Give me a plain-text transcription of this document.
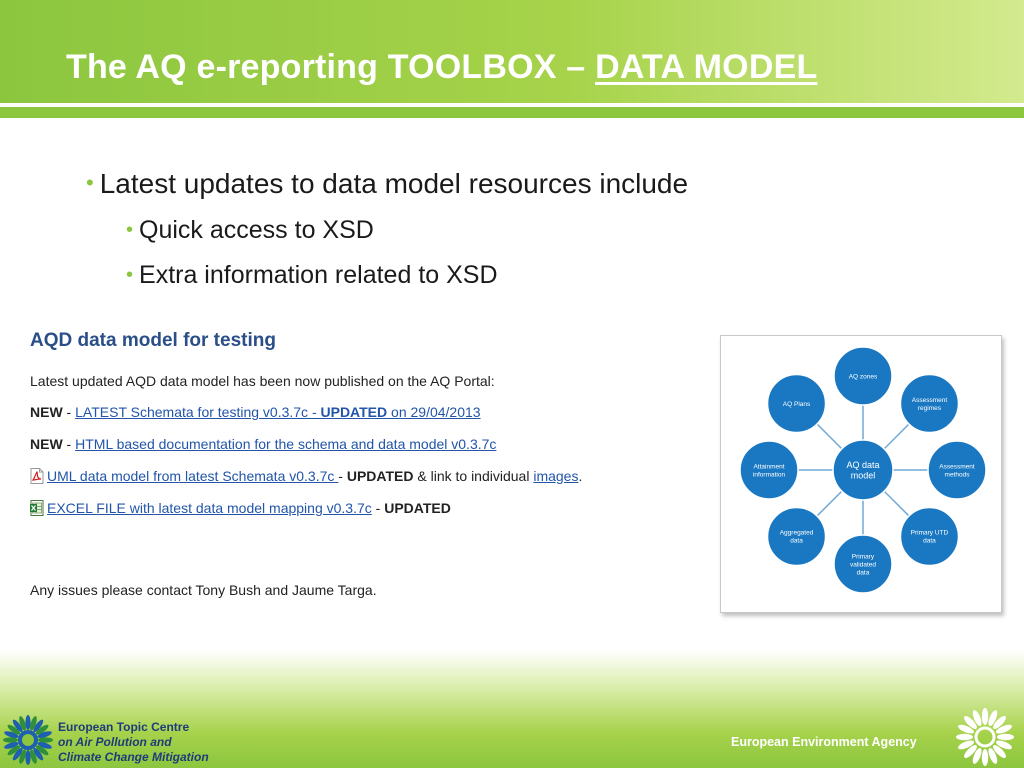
The AQ e-reporting TOOLBOX – DATA MODEL
• Latest updates to data model resources include
• Quick access to XSD
• Extra information related to XSD
AQD data model for testing
Latest updated AQD data model has been now published on the AQ Portal:
NEW - LATEST Schemata for testing v0.3.7c - UPDATED on 29/04/2013
NEW - HTML based documentation for the schema and data model v0.3.7c
UML data model from latest Schemata v0.3.7c - UPDATED & link to individual images.
EXCEL FILE with latest data model mapping v0.3.7c - UPDATED
Any issues please contact Tony Bush and Jaume Targa.
AQ zones
Assessment
regimes
Assessment
methods
Primary UTD
data
Primary
validated
data
Aggregated
data
Attainment
information
AQ Plans
AQ data
model
European Topic Centre
on Air Pollution and
Climate Change Mitigation
European Environment Agency
